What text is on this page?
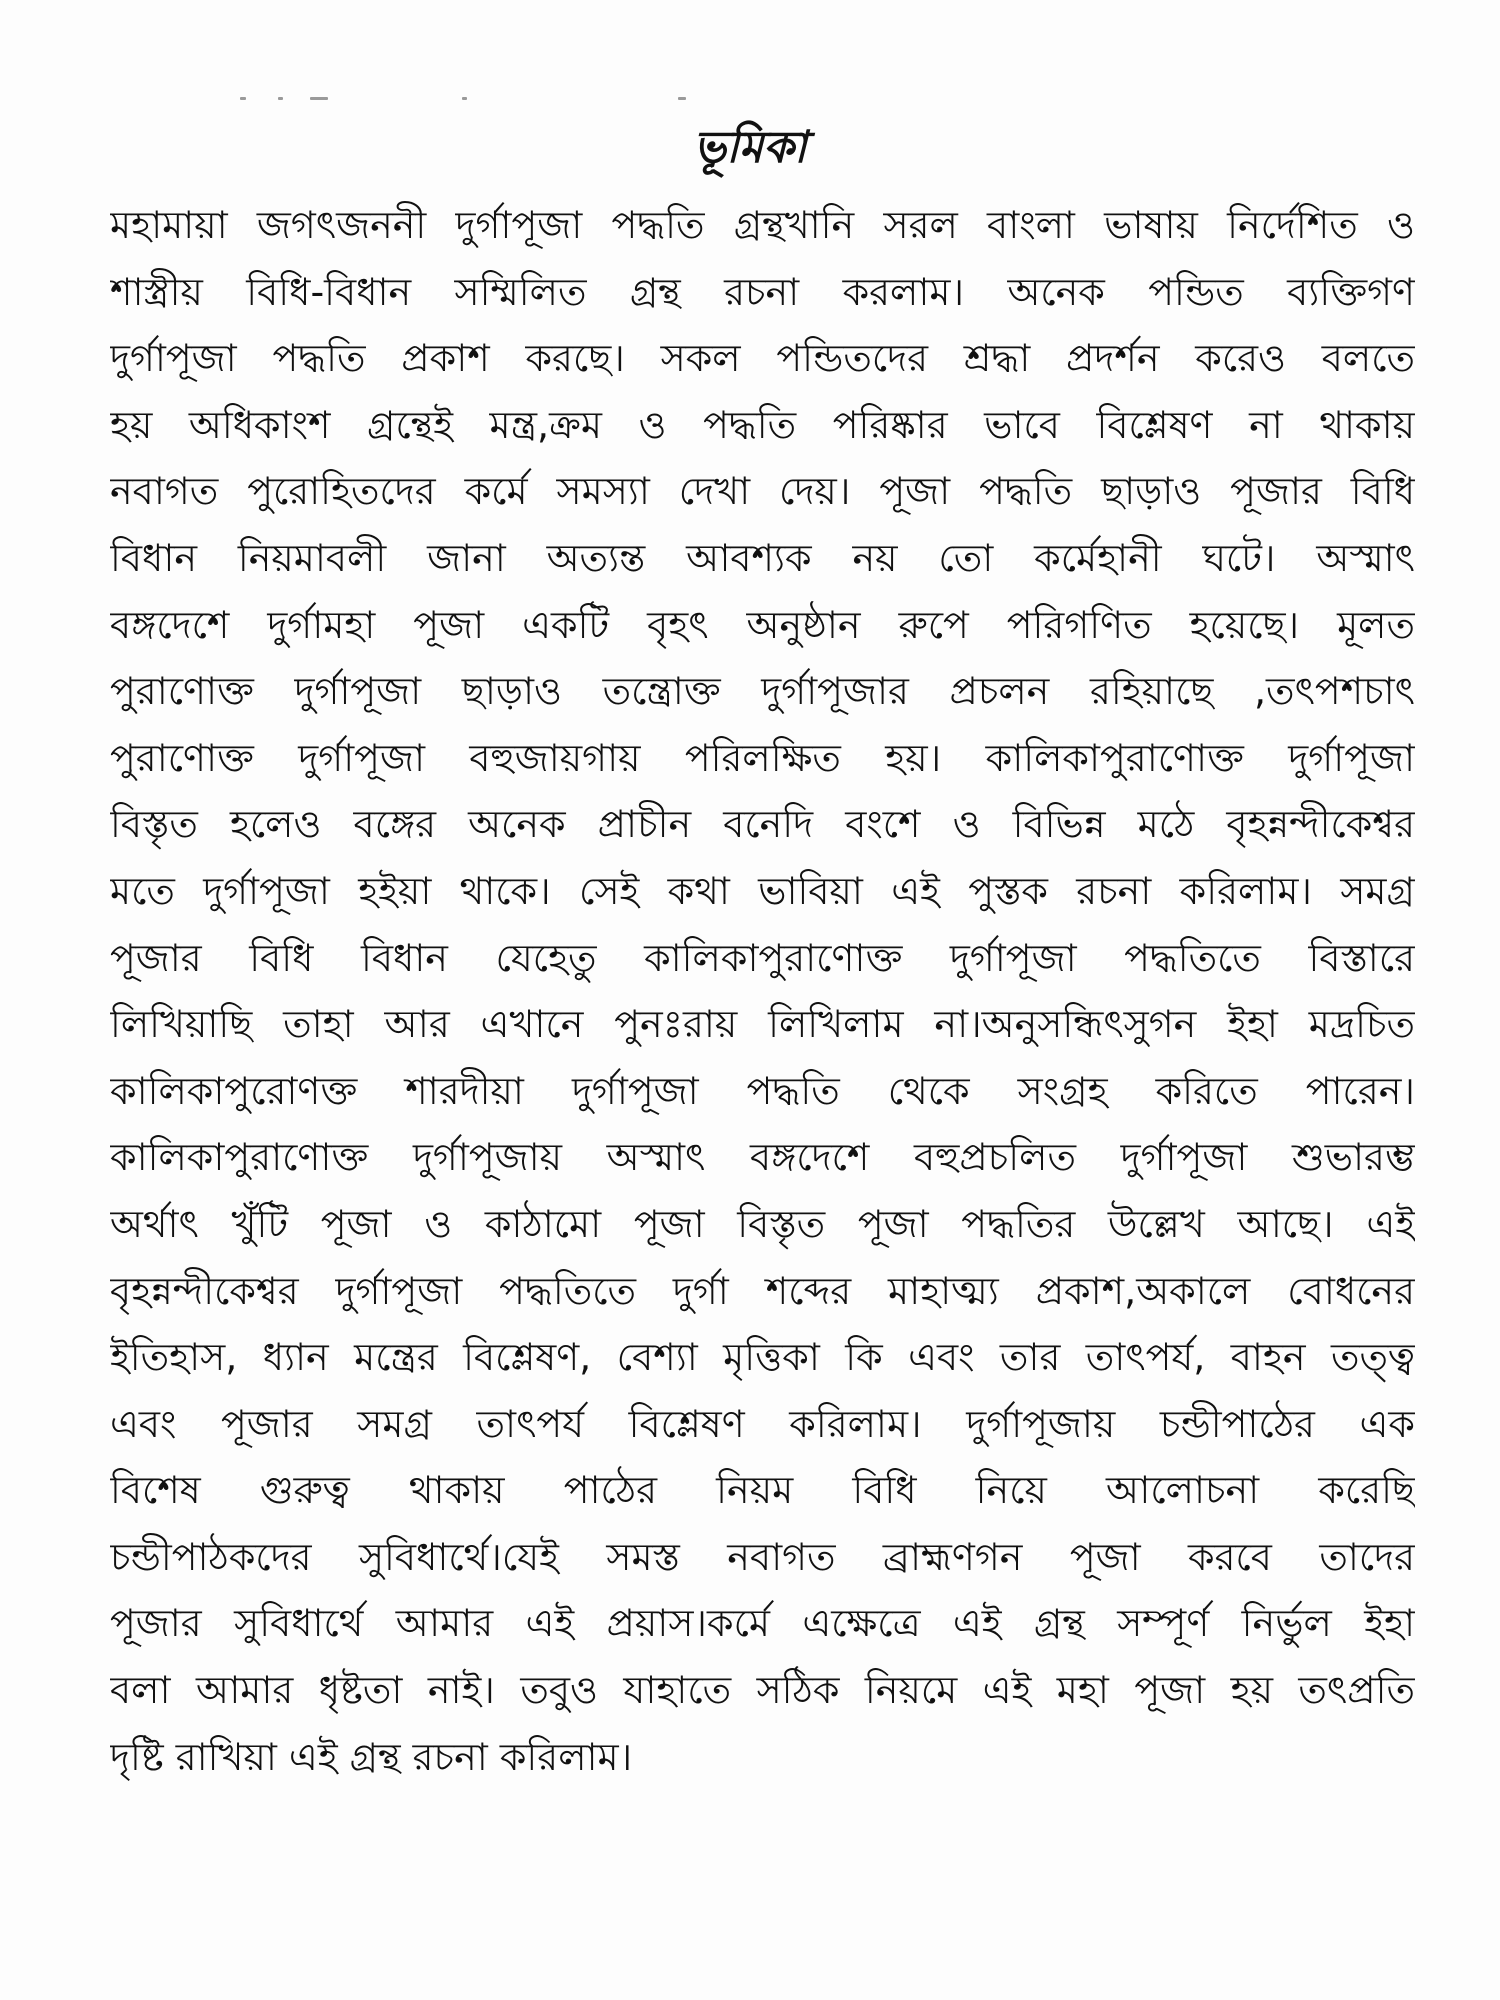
ভূমিকা
মহামায়া জগৎজননী দুর্গাপূজা পদ্ধতি গ্রন্থখানি সরল বাংলা ভাষায় নির্দেশিত ও
শাস্ত্রীয় বিধি-বিধান সম্মিলিত গ্রন্থ রচনা করলাম। অনেক পন্ডিত ব্যক্তিগণ
দুর্গাপূজা পদ্ধতি প্রকাশ করছে। সকল পন্ডিতদের শ্রদ্ধা প্রদর্শন করেও বলতে
হয় অধিকাংশ গ্রন্থেই মন্ত্র,ক্রম ও পদ্ধতি পরিষ্কার ভাবে বিশ্লেষণ না থাকায়
নবাগত পুরোহিতদের কর্মে সমস্যা দেখা দেয়। পূজা পদ্ধতি ছাড়াও পূজার বিধি
বিধান নিয়মাবলী জানা অত্যন্ত আবশ্যক নয় তো কর্মেহানী ঘটে। অস্মাৎ
বঙ্গদেশে দুর্গামহা পূজা একটি বৃহৎ অনুষ্ঠান রুপে পরিগণিত হয়েছে। মূলত
পুরাণোক্ত দুর্গাপূজা ছাড়াও তন্ত্রোক্ত দুর্গাপূজার প্রচলন রহিয়াছে ,তৎপশচাৎ
পুরাণোক্ত দুর্গাপূজা বহুজায়গায় পরিলক্ষিত হয়। কালিকাপুরাণোক্ত দুর্গাপূজা
বিস্তৃত হলেও বঙ্গের অনেক প্রাচীন বনেদি বংশে ও বিভিন্ন মঠে বৃহন্নন্দীকেশ্বর
মতে দুর্গাপূজা হইয়া থাকে। সেই কথা ভাবিয়া এই পুস্তক রচনা করিলাম। সমগ্র
পূজার বিধি বিধান যেহেতু কালিকাপুরাণোক্ত দুর্গাপূজা পদ্ধতিতে বিস্তারে
লিখিয়াছি তাহা আর এখানে পুনঃরায় লিখিলাম না।অনুসন্ধিৎসুগন ইহা মদ্রচিত
কালিকাপুরোণক্ত শারদীয়া দুর্গাপূজা পদ্ধতি থেকে সংগ্রহ করিতে পারেন।
কালিকাপুরাণোক্ত দুর্গাপূজায় অস্মাৎ বঙ্গদেশে বহুপ্রচলিত দুর্গাপূজা শুভারম্ভ
অর্থাৎ খুঁটি পূজা ও কাঠামো পূজা বিস্তৃত পূজা পদ্ধতির উল্লেখ আছে। এই
বৃহন্নন্দীকেশ্বর দুর্গাপূজা পদ্ধতিতে দুর্গা শব্দের মাহাত্ম্য প্রকাশ,অকালে বোধনের
ইতিহাস, ধ্যান মন্ত্রের বিশ্লেষণ, বেশ্যা মৃত্তিকা কি এবং তার তাৎপর্য, বাহন তত্ত্ব
এবং পূজার সমগ্র তাৎপর্য বিশ্লেষণ করিলাম। দুর্গাপূজায় চন্ডীপাঠের এক
বিশেষ গুরুত্ব থাকায় পাঠের নিয়ম বিধি নিয়ে আলোচনা করেছি
চন্ডীপাঠকদের সুবিধার্থে।যেই সমস্ত নবাগত ব্রাহ্মণগন পূজা করবে তাদের
পূজার সুবিধার্থে আমার এই প্রয়াস।কর্মে এক্ষেত্রে এই গ্রন্থ সম্পূর্ণ নির্ভুল ইহা
বলা আমার ধৃষ্টতা নাই। তবুও যাহাতে সঠিক নিয়মে এই মহা পূজা হয় তৎপ্রতি
দৃষ্টি রাখিয়া এই গ্রন্থ রচনা করিলাম।
